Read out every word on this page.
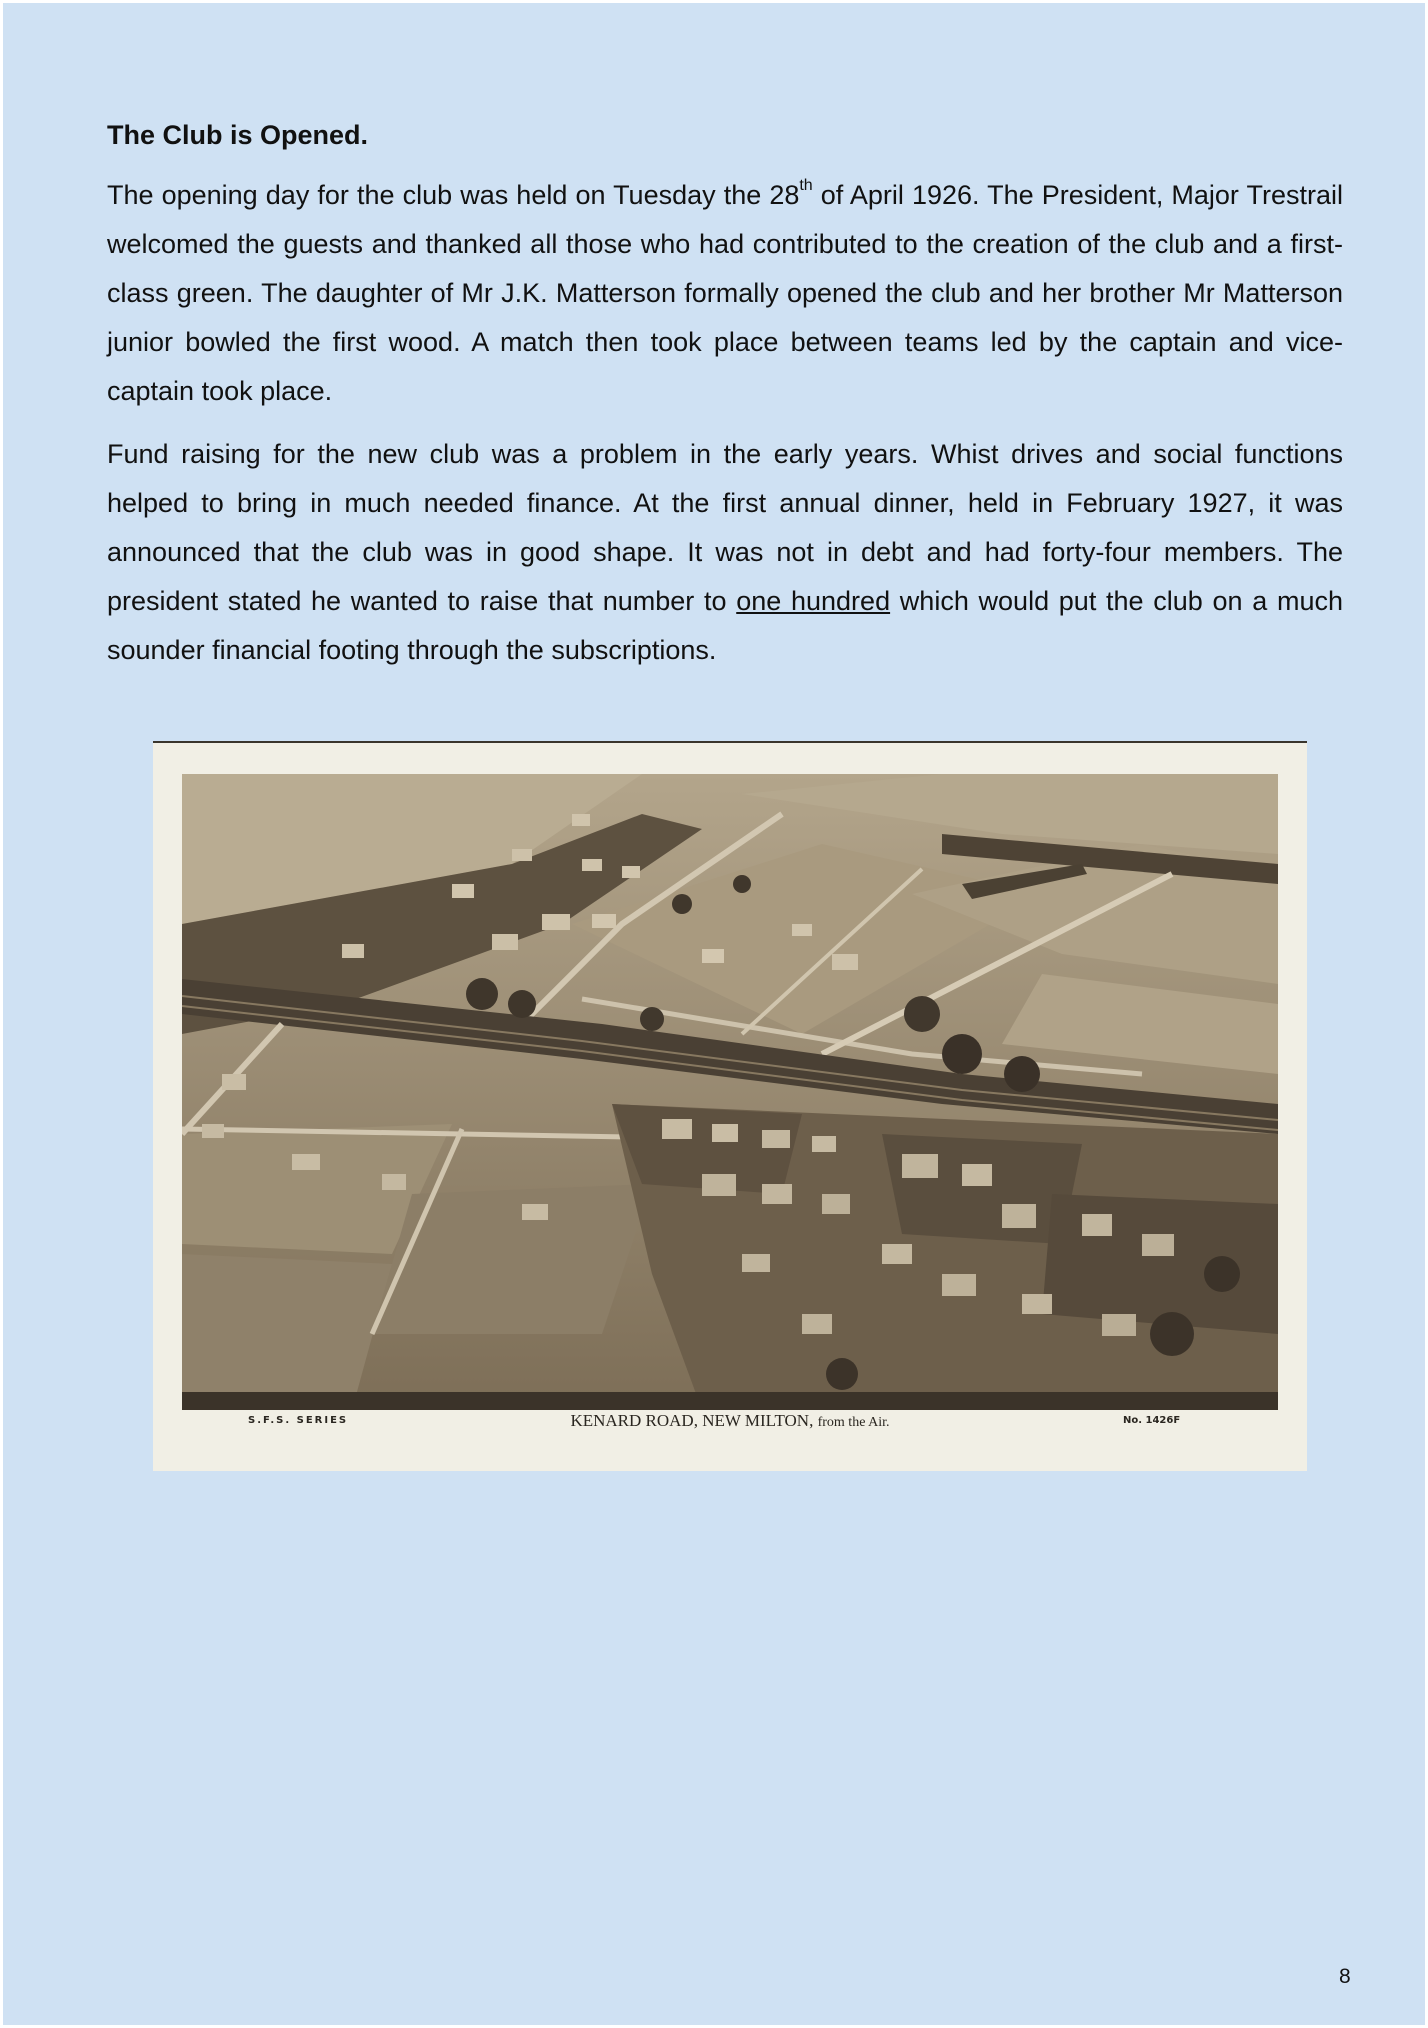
The Club is Opened.

The opening day for the club was held on Tuesday the 28th of April 1926. The President, Major Trestrail welcomed the guests and thanked all those who had contributed to the creation of the club and a first-class green. The daughter of Mr J.K. Matterson formally opened the club and her brother Mr Matterson junior bowled the first wood. A match then took place between teams led by the captain and vice-captain took place.

Fund raising for the new club was a problem in the early years. Whist drives and social functions helped to bring in much needed finance. At the first annual dinner, held in February 1927, it was announced that the club was in good shape. It was not in debt and had forty-four members. The president stated he wanted to raise that number to one hundred which would put the club on a much sounder financial footing through the subscriptions.

S.F.S. SERIES	KENARD ROAD, NEW MILTON, from the Air.	No. 1426F
8
